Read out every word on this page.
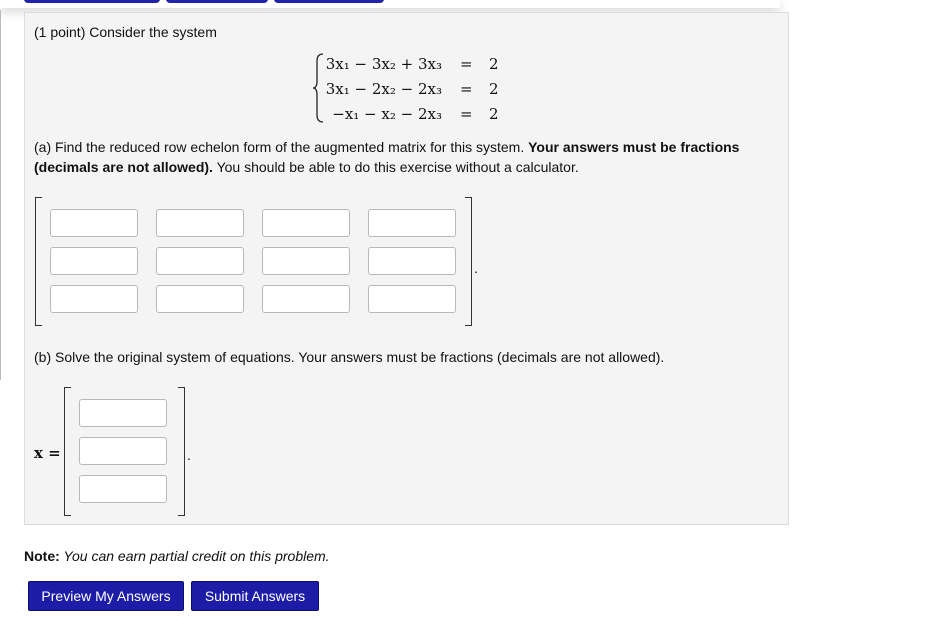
(1 point) Consider the system
3x₁ − 3x₂ + 3x₃ = 2
3x₁ − 2x₂ − 2x₃ = 2
−x₁ − x₂ − 2x₃ = 2
(a) Find the reduced row echelon form of the augmented matrix for this system. Your answers must be fractions
(decimals are not allowed). You should be able to do this exercise without a calculator.
.
(b) Solve the original system of equations. Your answers must be fractions (decimals are not allowed).
x =	.
Note: You can earn partial credit on this problem.
Preview My Answers	Submit Answers
